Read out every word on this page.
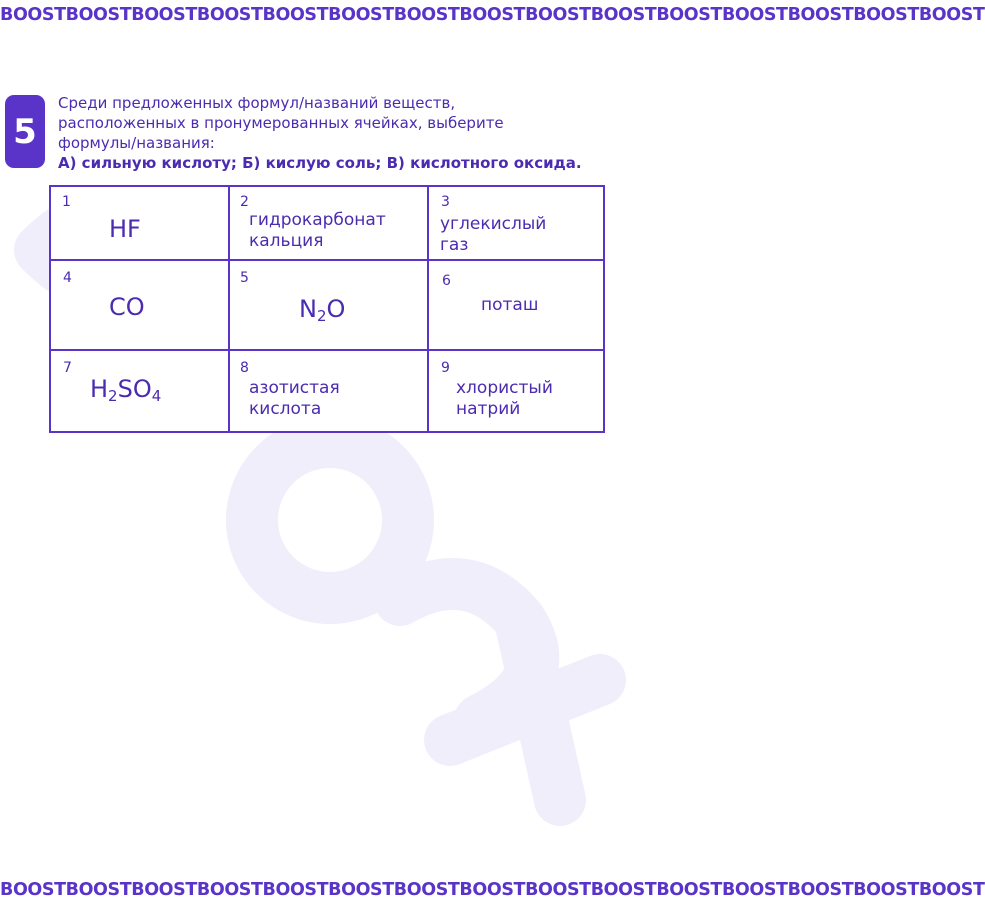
BOOSTBOOSTBOOSTBOOSTBOOSTBOOSTBOOSTBOOSTBOOSTBOOSTBOOSTBOOSTBOOSTBOOSTBOOST
5
Среди предложенных формул/названий веществ,
расположенных в пронумерованных ячейках, выберите
формулы/названия:
А) сильную кислоту; Б) кислую соль; В) кислотного оксида.
1
HF	2
гидрокарбонат
кальция	3
углекислый
газ

4
CO	5
$N_2O$	6
поташ

7
$H_2SO_4$	8
азотистая
кислота	9
хлористый
натрий
BOOSTBOOSTBOOSTBOOSTBOOSTBOOSTBOOSTBOOSTBOOSTBOOSTBOOSTBOOSTBOOSTBOOSTBOOST
